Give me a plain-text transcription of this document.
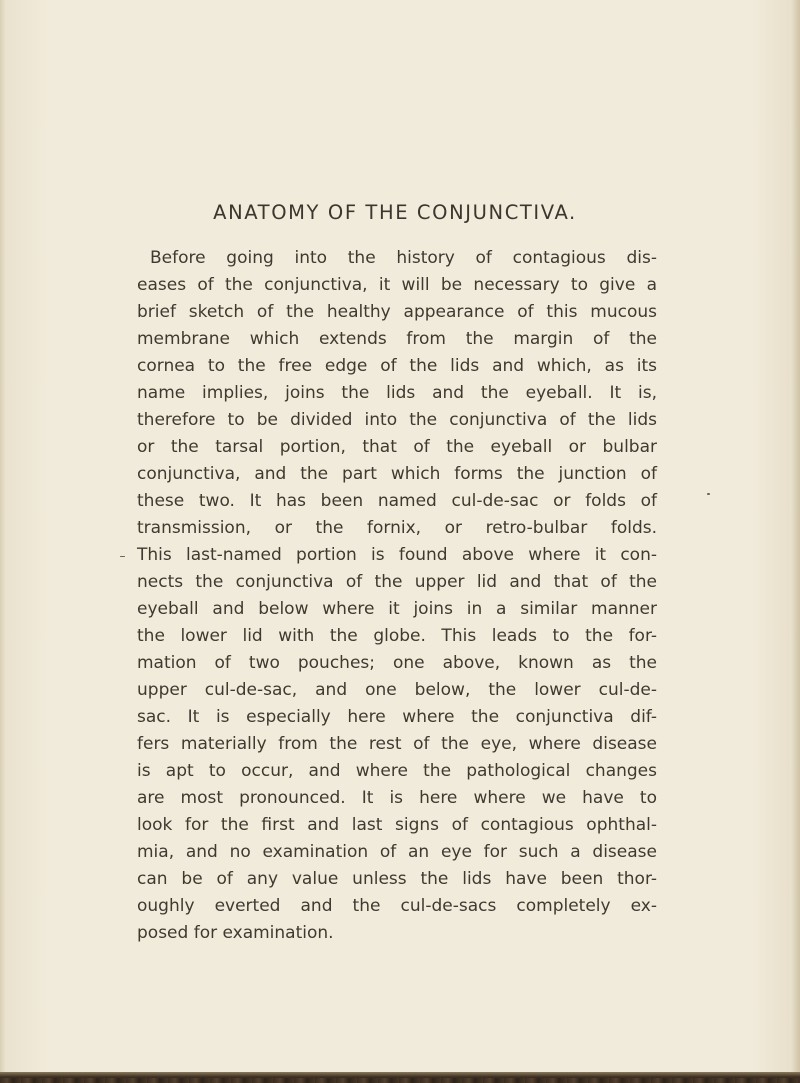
ANATOMY OF THE CONJUNCTIVA.
Before going into the history of contagious dis-
eases of the conjunctiva, it will be necessary to give a
brief sketch of the healthy appearance of this mucous
membrane which extends from the margin of the
cornea to the free edge of the lids and which, as its
name implies, joins the lids and the eyeball. It is,
therefore to be divided into the conjunctiva of the lids
or the tarsal portion, that of the eyeball or bulbar
conjunctiva, and the part which forms the junction of
these two. It has been named cul-de-sac or folds of
transmission, or the fornix, or retro-bulbar folds.
This last-named portion is found above where it con-
nects the conjunctiva of the upper lid and that of the
eyeball and below where it joins in a similar manner
the lower lid with the globe. This leads to the for-
mation of two pouches; one above, known as the
upper cul-de-sac, and one below, the lower cul-de-
sac. It is especially here where the conjunctiva dif-
fers materially from the rest of the eye, where disease
is apt to occur, and where the pathological changes
are most pronounced. It is here where we have to
look for the first and last signs of contagious ophthal-
mia, and no examination of an eye for such a disease
can be of any value unless the lids have been thor-
oughly everted and the cul-de-sacs completely ex-
posed for examination.
